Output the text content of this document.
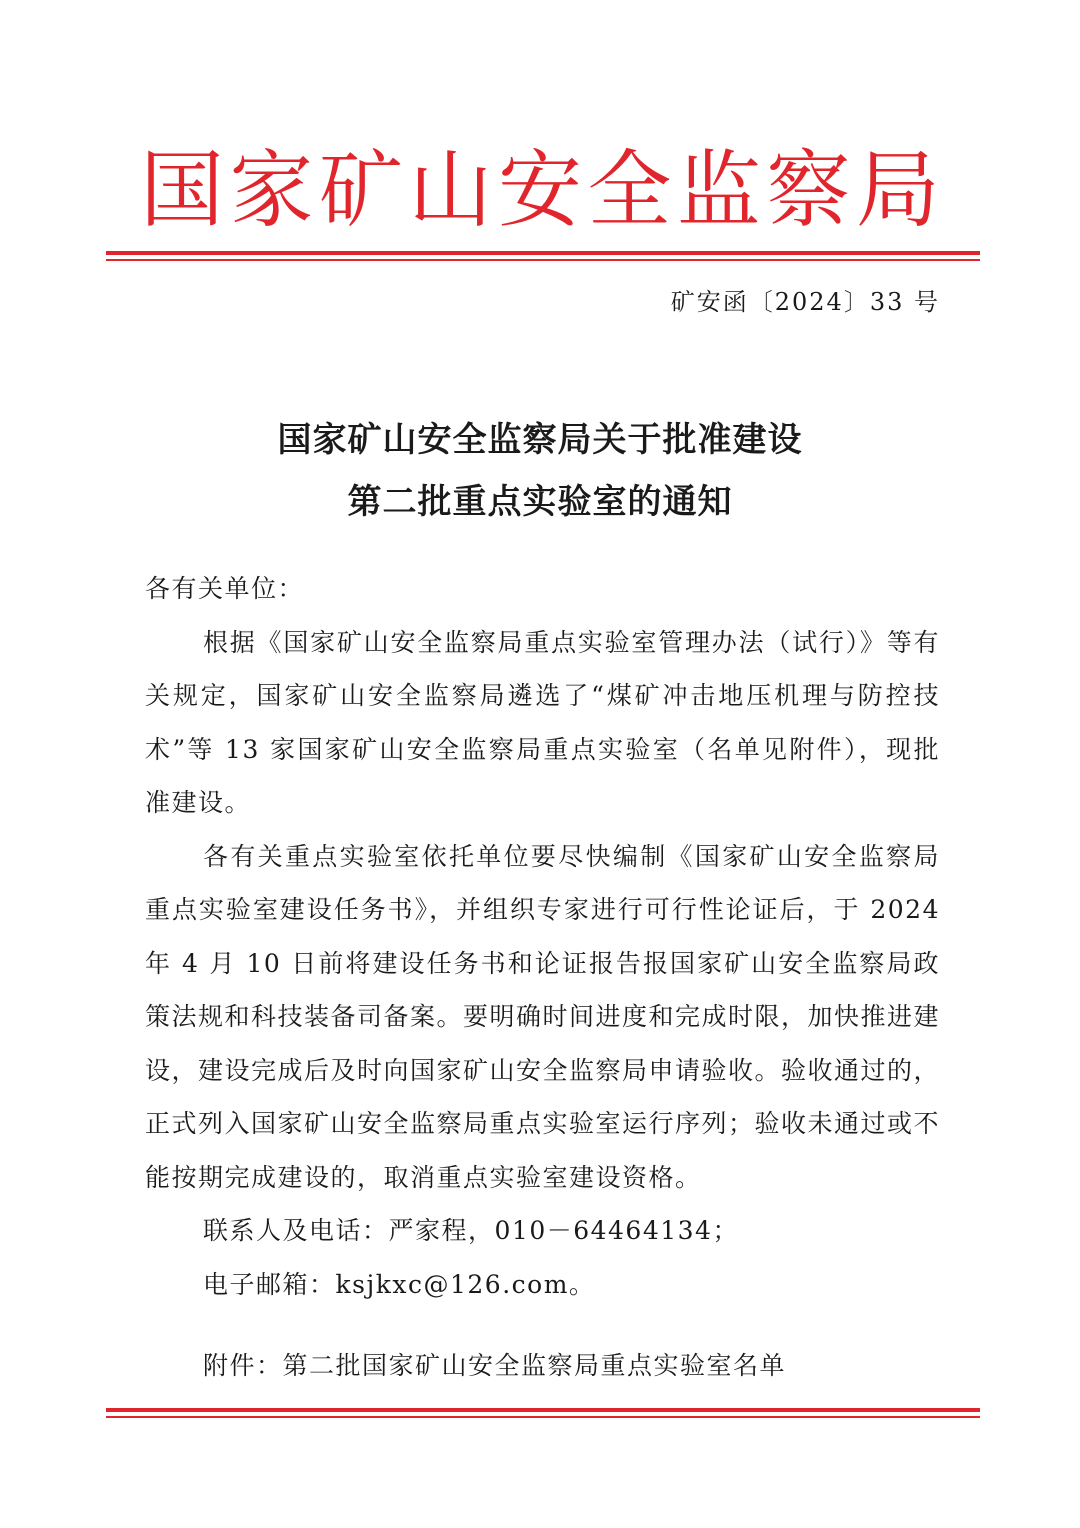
国 家 矿 山 安 全 监 察 局
矿安函〔2024〕33 号
国家矿山安全监察局关于批准建设
第二批重点实验室的通知

各有关单位：

根据《国家矿山安全监察局重点实验室管理办法（试行）》等有关规定，国家矿山安全监察局遴选了“煤矿冲击地压机理与防控技术”等 13 家国家矿山安全监察局重点实验室（名单见附件），现批准建设。

各有关重点实验室依托单位要尽快编制《国家矿山安全监察局重点实验室建设任务书》，并组织专家进行可行性论证后，于 2024 年 4 月 10 日前将建设任务书和论证报告报国家矿山安全监察局政策法规和科技装备司备案。要明确时间进度和完成时限，加快推进建设，建设完成后及时向国家矿山安全监察局申请验收。验收通过的，正式列入国家矿山安全监察局重点实验室运行序列；验收未通过或不能按期完成建设的，取消重点实验室建设资格。

联系人及电话：严家程，010－64464134；

电子邮箱：ksjkxc@126.com。

附件：第二批国家矿山安全监察局重点实验室名单
